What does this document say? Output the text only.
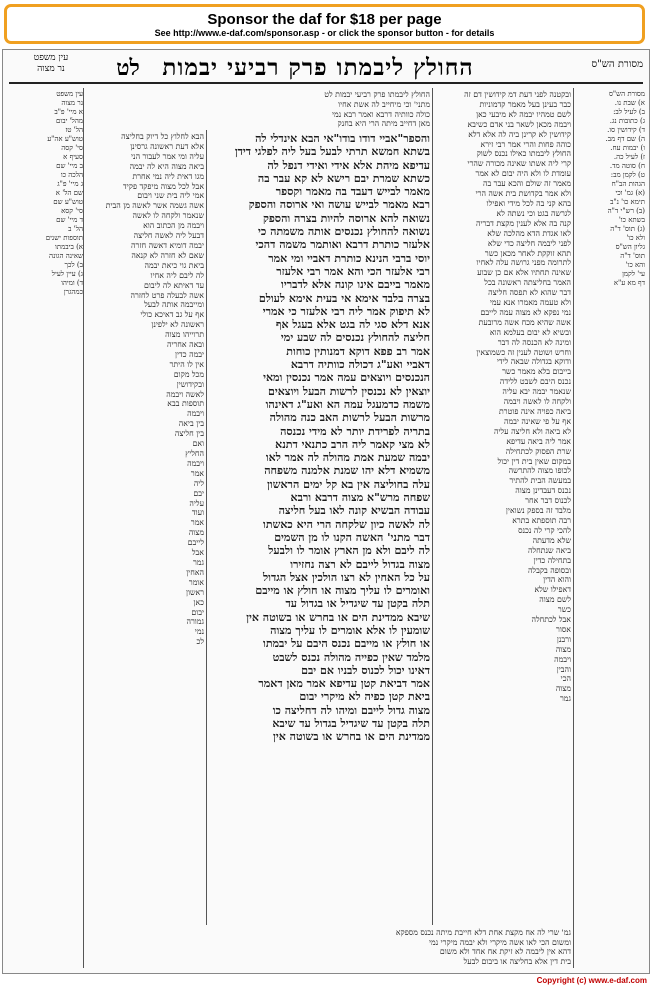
Sponsor the daf for $18 per page
See http://www.e-daf.com/sponsor.asp - or click the sponsor button - for details
עין משפט
נר מצוה	לט החולץ ליבמתו פרק רביעי יבמות	מסורת הש"ס
החולץ ליבמתו פרק רביעי יבמות לט
מתני' וכי מיחייב לה אשת אחיו
כולה כוותיה דרבא ואמר רבא נמי
מאן דחייב מיתה הרי היא בחנק
והספר"אביי דודו בודו"אי הבא אינדלי לה
בשתא חמשא תרתי לבעל בעל ליה לפלגי דידן
עדיפא מיהת אלא אידי ואידי דנפל לה
כשתא שמרת יבם רישא לא קא עבר בה
מאמר לבייש דעבד בה מאמר וקספר
רבא מאמר לבייש עושה ואי ארוסה והספק
נשואה להא ארוסה להיות בצרה והספק
נשואה להחולץ נכנסים אותה משמתה כי
אלעזר כותרת דרבא ואותמר משמה דהכי
יוסי ברבי הנינא כותרת דאביי ומי אמר
רבי אלעזר הכי והא אמר רבי אלעזר
מאמר בייבם אינו קונה אלא לדבריו
בצרה בלבד אימא אי בעית אימא לעולם
לא תיפוק אמר ליה רבי אלעזר כי אמרי
אנא דלא סגי לה בגט אלא בעגל אף
חליצה להחולץ נכנסים לה שבע ימי
אמר רב פפא דוקא דמנותין כוחות
דאביי ואע"ג דכולה כוותיה דרבא
הנכנסים ויוצאים עמה אמר נכנסין ומאי
יוצאין לא נכנסין לרשות הבעל ויוצאים
משמה כדמעגל עמה הא ואע"ג דאינהו
מרשות הבעל לרשות האב כנה מהולה
בתריה לפרידת יותר לא מידי נכנסה
לא מצי קאמר ליה הרב כתנאי דתנא
יבמה שמעת אמת מהולה לה אמר לאו
משמיא דלא יהו שמנת אלמנה משפחה
עלה בחוליצה אין בא קל ימים הראשון
שפחה מרש"א מצוה דרבא ורבא
עבודה הבשיא קונה לאו בעל חליצה
לה לאשה כיון שלקחה הרי היא כאשתו
דבר מתני' האשה הקנו לו מן השמים
לה ליבם ולא מן הארץ אומר לו ולבעל
מצוה בגדול לייבם לא רצה נחזירו
על כל האחין לא רצו הולכין אצל הגדול
ואומרים לו עליך מצוה או חולץ או מייבם
תלה בקטן עד שיגדיל או בגדול עד
שיבא ממדינת הים או בחרש או בשוטה אין
שומעין לו אלא אומרים לו עליך מצוה
או חולץ או מייבם נכנס היבם על יבמתו
מלמד שאין כפייה מהולה נכנס לשבט
דאינו יכול לכנוס לבניו אם יבם
אמר דביאת קטן עדיפא אמר מאן דאמר
ביאת קטן כפיה לא מיקרי יבום
מצוה גדול לייבם ומיהו לה דחליצה כו
תלה בקטן עד שיגדיל בגדול עד שיבא
ממדינת הים או בחרש או בשוטה אין
ובקטנה לפני דעת דמ קידושין דם זה
כבר בעינן בעל מאמר קדמוניות
לשם טמהיו יבמה לא מיבעי כאן
ויבמה מכאן לשאר בני אדם כשיבא
קידושין לא קרינן ביה לה אלא דלא
כוהה פחות והרי אמר רבי זירא
החולץ ליבמתו כאילו נכנס לשוק
קרי ליה אשתו שאינה מכורה שהרי
עומדת לו ולא היה יבום לא אמר
מאמר זה שולם והכא עבר בה
ולא אמר בקדושת בית אשה הרי
בהא קני בה לכל מידי ואפילו
לגרשה בגט וכי נשתה לא
קנה בה אלא לענין מקצת דבריה
לאו אגדת הדא מהלכה שלא
לפני ליבמה חליצה כדי שלא
תהא זוקקת לאחר מכאן כשר
לתרומה מפני גרושה עלה לאחיו
שאינה תחתיו אלא אם כן שבוע
האמר בחליצתה ראשונה בכל
דבר שהוא לא תפסה חליצה
ולא טעמה מאמרו אנא עמי
נמי נפקא לא מצוה עמה לייבם
אשה שהיא מכח אשה מרובעת
ובשיא לא יבום בעלמא הוא
ומינה לא הכנסה לה דבר
וחרש ושוטה לענין זה כשמוצאין
ודוקא בגדולה שבאה לידי
בייבום בלא מאמר כשר
נכנס היבם לשבט ללידה
שנאמר יבמה יבא עליה
ולקחה לו לאשה ויבמה
ביאה כפויה אינה פוטרת
אף על פי שאינה יבמה
לא ביאה ולא חליצה עליה
אמר ליה ביאה עדיפא
שרת הפסוק לכתחילה
במקום שאין בית דין יכול
לכופו מצוה להתרשה
במעשה הבית להתיר
נכנס דעבדינן מצוה
לכנוס דבר אחר
מלבד זה בספק נשואין
רבה תוספתא בתרא
להכי קרי לה נכנס
שלא מדעתה
ביאה שנתחלה
בתחילה כדין
ובסופה בקבלה
והוא הדין
דאפילו שלא
לשם מצוה
כשר
אבל לכתחלה
אסור
ורבנן
מצוה
ויבמה
והבין
הכי
מצוה
גמר
הבא לחלוץ כל דיוק בחליצה
אלא דעת ראשונה גרסינן
עליה ומי אמר לעבור הני
ביאה מצוה היא לה יבמה
מגו דאית ליה נמי אחרת
אבל לכל מצוה מיפקד פקיד
אמי ליה בית שני ויבום
אשה גשמה אשר לאשה מן הבית
שנאמר ולקחה לו לאשה
ויבמה מן הכתוב הוא
דבעל ליה לאשה חליצה
יבמה דומיא דאשה חזרה
שאם לא חזרה לא קנאה
ביאת גוי כיאת יבמה
לה ליבם ליה אחיו
עד דאיתא לה ליבום
אשה לבעלה פרט לחזרה
ומייבמה אותה לבעל
אף על גב דאיכא כולי
ראשונה לא ילפינן
תרוייהו מצוה
ובאה אחריה
יבמה כדין
אין לו היתר
מכל מקום
ובקידושין
לאשה ויבמה
תוספות בבא
ויבמה
בין ביאה
בין חליצה
ואם
החליץ
ויבמה
אמר
ליה
יבם
עליה
ועוד
אמר
מצוה
לייבם
אבל
גמר
האחין
אומר
ראשון
כאן
יבום
גמורה
נמי
לכ
גמ' שרי לה אח מקצת אחת דלא חייבת מיתה נכנס מספקא
ומשום הכי לאו אשה מיקרי ולא יבמה מיקרי נמי
דהא אין ליבמה לא זיקת אח אחד ולא משום
בית דין אלא בחליצה או ביבום לבעל
מסורת הש"ס
א) שבת נו.
ב) לעיל לב:
ג) כתובות נג.
ד) קידושין סו.
ה) שם דף מב.
ו) יבמות עח.
ז) לעיל כה.
ח) סוטה מד.
ט) לקמן מב:
הגהות הב"ח
(א) גמ' וכי
תימא כו' נ"ב
(ב) רש"י ד"ה
בשתא כו'
(ג) תוס' ד"ה
ולא כו'
גליון הש"ס
תוס' ד"ה
והא כו'
עי' לקמן
דף מא ע"א
עין משפט
נר מצוה
א מיי' פ"ב
מהל' יבום
הל' טז
טוש"ע אה"ע
סי' קסה
סעיף א
ב מיי' שם
הלכה כו
ג מיי' פ"ג
שם הל' א
טוש"ע שם
סי' קסא
ד מיי' שם
הל' ב
תוספות ישנים
א) ביבמתו
שאינה הגונה
ב) לכך
ג) עיין לעיל
ד) ומיהו
כמהגרן
Copyright (c) www.e-daf.com
